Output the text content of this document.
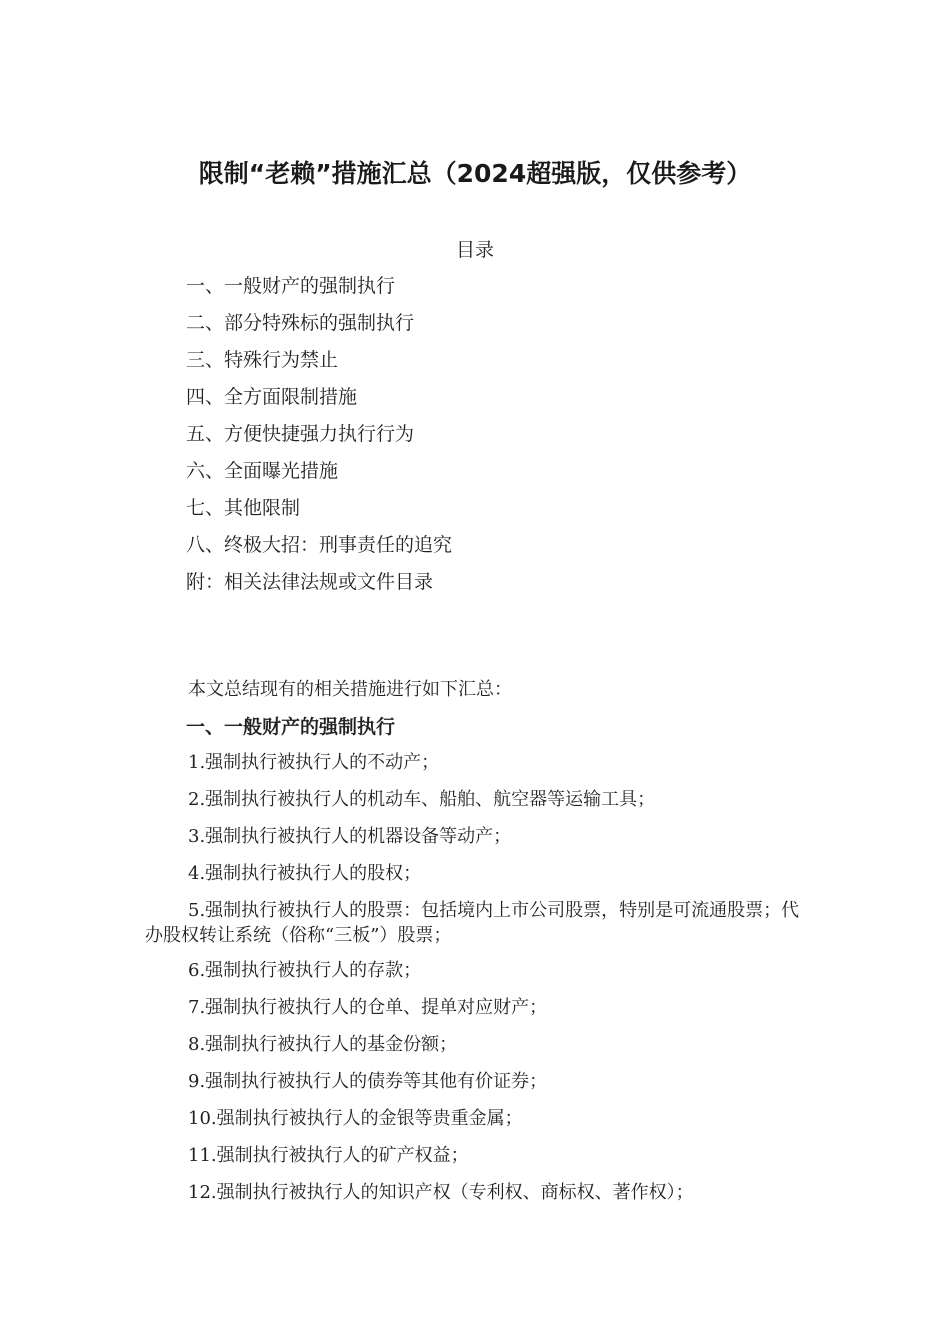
限制“老赖”措施汇总（2024超强版，仅供参考）
目录
一、一般财产的强制执行
二、部分特殊标的强制执行
三、特殊行为禁止
四、全方面限制措施
五、方便快捷强力执行行为
六、全面曝光措施
七、其他限制
八、终极大招：刑事责任的追究
附：相关法律法规或文件目录

本文总结现有的相关措施进行如下汇总：

一、一般财产的强制执行
1.强制执行被执行人的不动产；
2.强制执行被执行人的机动车、船舶、航空器等运输工具；
3.强制执行被执行人的机器设备等动产；
4.强制执行被执行人的股权；
5.强制执行被执行人的股票：包括境内上市公司股票，特别是可流通股票；代办股权转让系统（俗称“三板”）股票；
6.强制执行被执行人的存款；
7.强制执行被执行人的仓单、提单对应财产；
8.强制执行被执行人的基金份额；
9.强制执行被执行人的债券等其他有价证券；
10.强制执行被执行人的金银等贵重金属；
11.强制执行被执行人的矿产权益；
12.强制执行被执行人的知识产权（专利权、商标权、著作权）；
